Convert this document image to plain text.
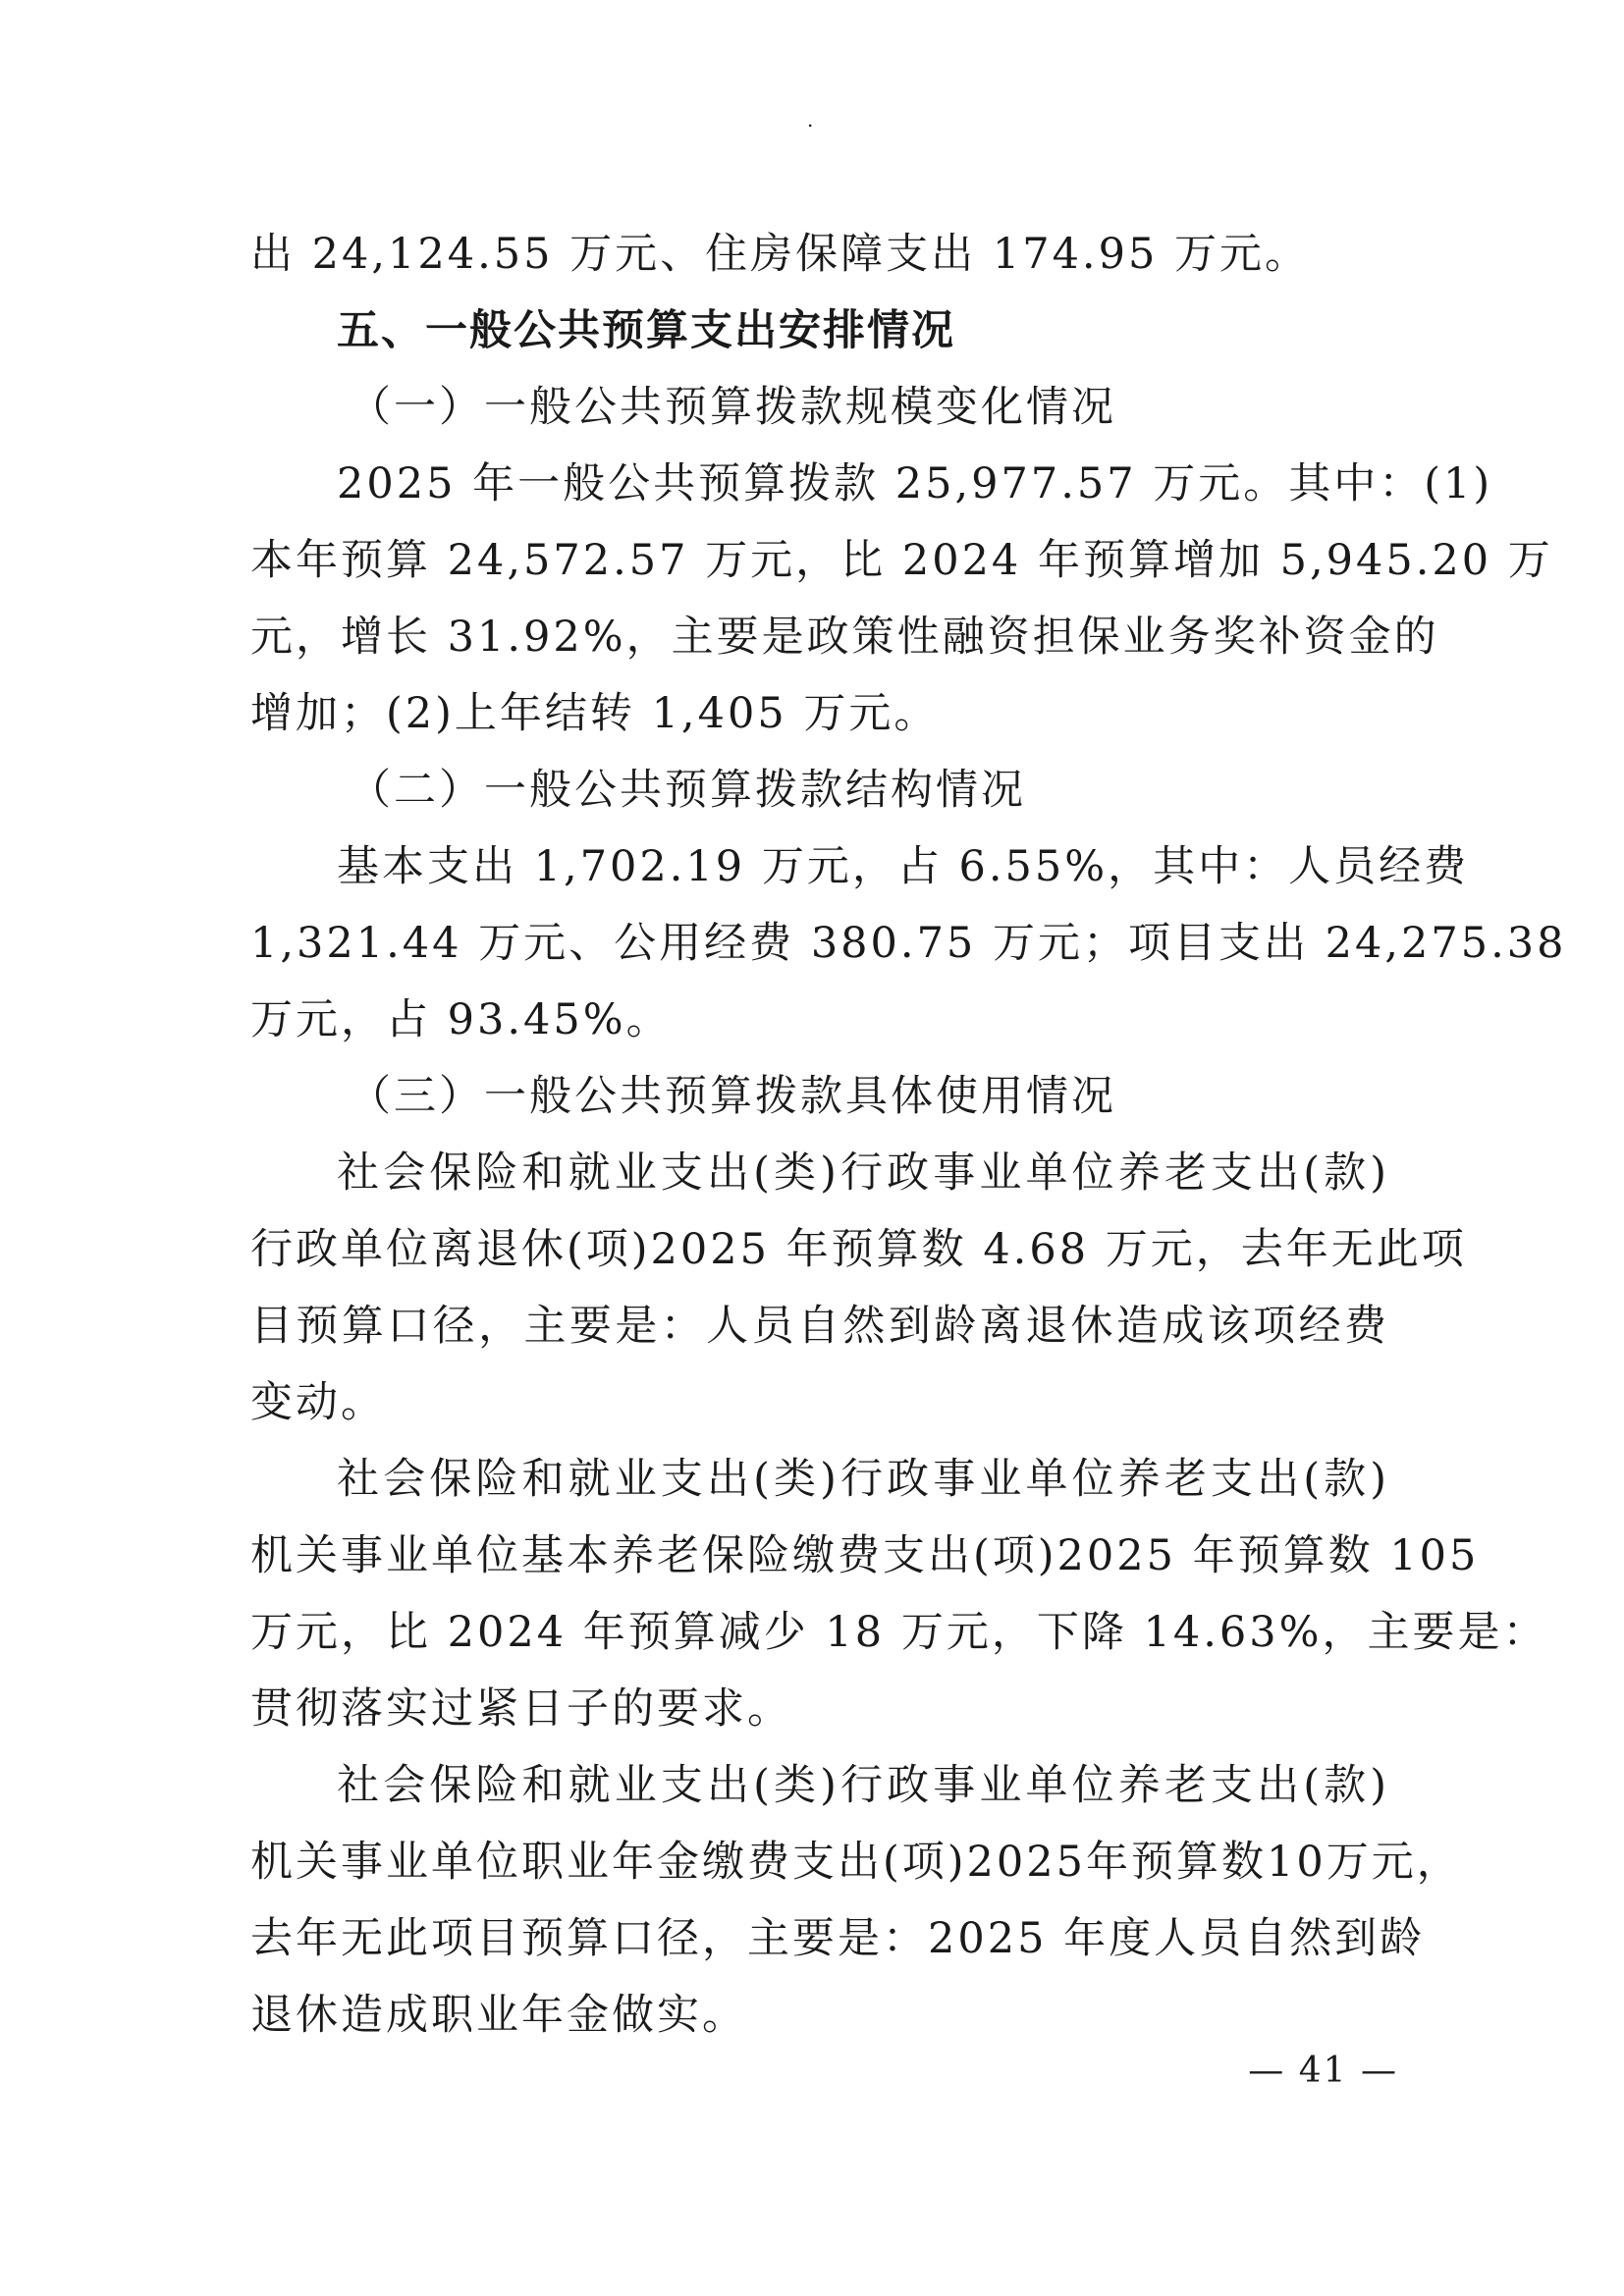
.
出 24,124.55 万元、住房保障支出 174.95 万元。
五、一般公共预算支出安排情况
（一）一般公共预算拨款规模变化情况
2025 年一般公共预算拨款 25,977.57 万元。其中：(1)
本年预算 24,572.57 万元，比 2024 年预算增加 5,945.20 万
元，增长 31.92%，主要是政策性融资担保业务奖补资金的
增加；(2)上年结转 1,405 万元。
（二）一般公共预算拨款结构情况
基本支出 1,702.19 万元，占 6.55%，其中：人员经费
1,321.44 万元、公用经费 380.75 万元；项目支出 24,275.38
万元，占 93.45%。
（三）一般公共预算拨款具体使用情况
社会保险和就业支出(类)行政事业单位养老支出(款)
行政单位离退休(项)2025 年预算数 4.68 万元，去年无此项
目预算口径，主要是：人员自然到龄离退休造成该项经费
变动。
社会保险和就业支出(类)行政事业单位养老支出(款)
机关事业单位基本养老保险缴费支出(项)2025 年预算数 105
万元，比 2024 年预算减少 18 万元，下降 14.63%，主要是：
贯彻落实过紧日子的要求。
社会保险和就业支出(类)行政事业单位养老支出(款)
机关事业单位职业年金缴费支出(项)2025年预算数10万元，
去年无此项目预算口径，主要是：2025 年度人员自然到龄
退休造成职业年金做实。
— 41 —
